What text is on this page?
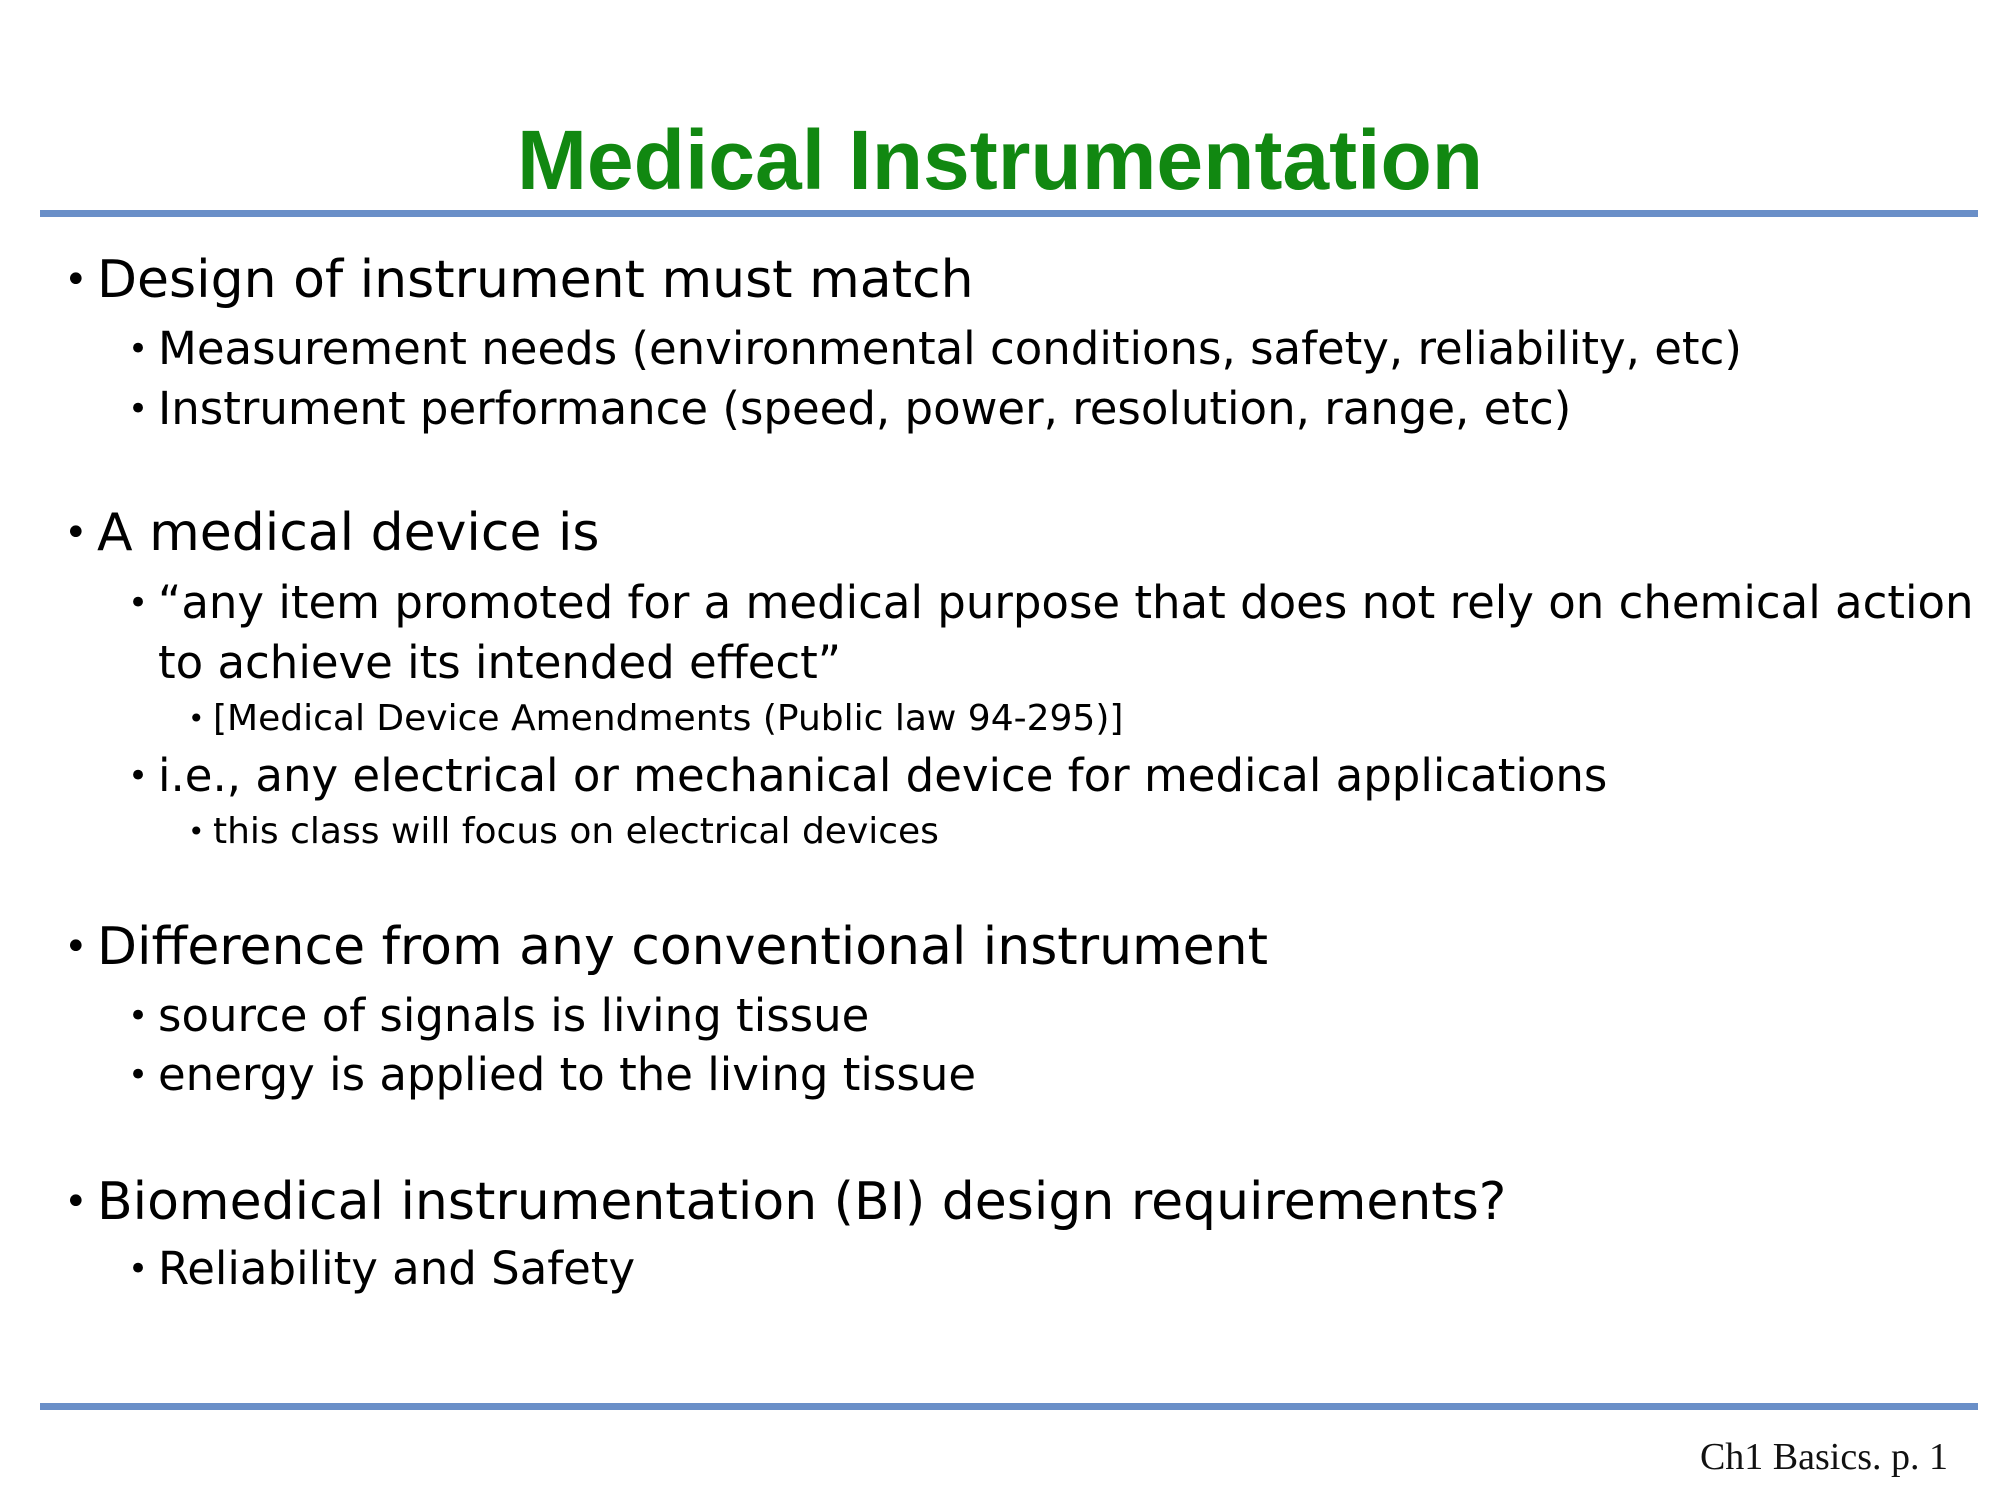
Medical Instrumentation
• Design of instrument must match
• Measurement needs (environmental conditions, safety, reliability, etc)
• Instrument performance (speed, power, resolution, range, etc)
• A medical device is
• “any item promoted for a medical purpose that does not rely on chemical action
to achieve its intended effect”
• [Medical Device Amendments (Public law 94-295)]
• i.e., any electrical or mechanical device for medical applications
• this class will focus on electrical devices
• Difference from any conventional instrument
• source of signals is living tissue
• energy is applied to the living tissue
• Biomedical instrumentation (BI) design requirements?
• Reliability and Safety
Ch1 Basics. p. 1
